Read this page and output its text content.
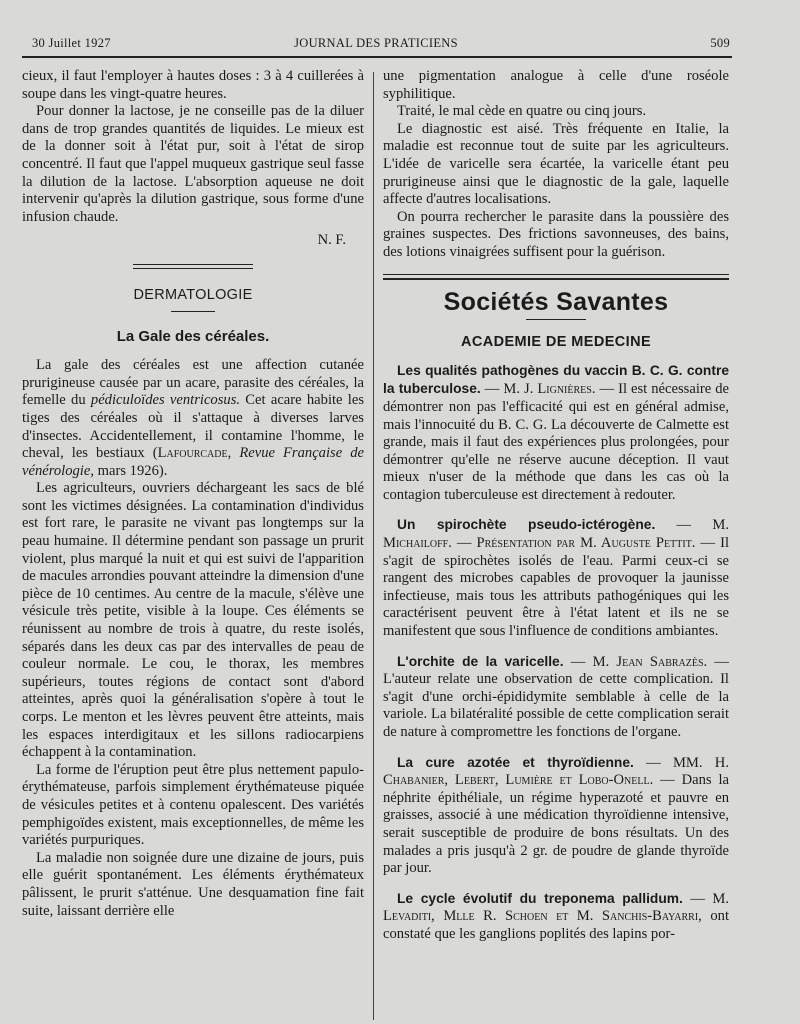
30 Juillet 1927	JOURNAL DES PRATICIENS	509

cieux, il faut l'employer à hautes doses : 3 à 4 cuillerées à soupe dans les vingt-quatre heures.

Pour donner la lactose, je ne conseille pas de la diluer dans de trop grandes quantités de liquides. Le mieux est de la donner soit à l'état pur, soit à l'état de sirop concentré. Il faut que l'appel muqueux gastrique seul fasse la dilution de la lactose. L'absorption aqueuse ne doit intervenir qu'après la dilution gastrique, sous forme d'une infusion chaude.

N. F.
DERMATOLOGIE
La Gale des céréales.

La gale des céréales est une affection cutanée prurigineuse causée par un acare, parasite des céréales, la femelle du pédiculoïdes ventricosus. Cet acare habite les tiges des céréales où il s'attaque à diverses larves d'insectes. Accidentellement, il contamine l'homme, le cheval, les bestiaux (Lafourcade, Revue Française de vénérologie, mars 1926).

Les agriculteurs, ouvriers déchargeant les sacs de blé sont les victimes désignées. La contamination d'individus est fort rare, le parasite ne vivant pas longtemps sur la peau humaine. Il détermine pendant son passage un prurit violent, plus marqué la nuit et qui est suivi de l'apparition de macules arrondies pouvant atteindre la dimension d'une pièce de 10 centimes. Au centre de la macule, s'élève une vésicule très petite, visible à la loupe. Ces éléments se réunissent au nombre de trois à quatre, du reste isolés, séparés dans les deux cas par des intervalles de peau de couleur normale. Le cou, le thorax, les membres supérieurs, toutes régions de contact sont d'abord atteintes, après quoi la généralisation s'opère à tout le corps. Le menton et les lèvres peuvent être atteints, mais les espaces interdigitaux et les sillons radiocarpiens échappent à la contamination.

La forme de l'éruption peut être plus nettement papulo-érythémateuse, parfois simplement érythémateuse piquée de vésicules petites et à contenu opalescent. Des variétés pemphigoïdes existent, mais exceptionnelles, de même les variétés purpuriques.

La maladie non soignée dure une dizaine de jours, puis elle guérit spontanément. Les éléments érythémateux pâlissent, le prurit s'atténue. Une desquamation fine fait suite, laissant derrière elle

une pigmentation analogue à celle d'une roséole syphilitique.

Traité, le mal cède en quatre ou cinq jours.

Le diagnostic est aisé. Très fréquente en Italie, la maladie est reconnue tout de suite par les agriculteurs. L'idée de varicelle sera écartée, la varicelle étant peu prurigineuse ainsi que le diagnostic de la gale, laquelle affecte d'autres localisations.

On pourra rechercher le parasite dans la poussière des graines suspectes. Des frictions savonneuses, des bains, des lotions vinaigrées suffisent pour la guérison.

Sociétés Savantes
ACADEMIE DE MEDECINE

Les qualités pathogènes du vaccin B. C. G. contre la tuberculose. — M. J. Lignières. — Il est nécessaire de démontrer non pas l'efficacité qui est en général admise, mais l'innocuité du B. C. G. La découverte de Calmette est grande, mais il faut des expériences plus prolongées, pour démontrer qu'elle ne réserve aucune déception. Il vaut mieux n'user de la méthode que dans les cas où la contagion tuberculeuse est directement à redouter.

Un spirochète pseudo-ictérogène. — M. Michailoff. — Présentation par M. Auguste Pettit. — Il s'agit de spirochètes isolés de l'eau. Parmi ceux-ci se rangent des microbes capables de provoquer la jaunisse infectieuse, mais tous les attributs pathogéniques qui les caractérisent peuvent être à l'état latent et ils ne se manifestent que sous l'influence de conditions ambiantes.

L'orchite de la varicelle. — M. Jean Sabrazès. — L'auteur relate une observation de cette complication. Il s'agit d'une orchi-épididymite semblable à celle de la variole. La bilatéralité possible de cette complication serait de nature à compromettre les fonctions de l'organe.

La cure azotée et thyroïdienne. — MM. H. Chabanier, Lebert, Lumière et Lobo-Onell. — Dans la néphrite épithéliale, un régime hyperazoté et pauvre en graisses, associé à une médication thyroïdienne intensive, serait susceptible de produire de bons résultats. Un des malades a pris jusqu'à 2 gr. de poudre de glande thyroïde par jour.

Le cycle évolutif du treponema pallidum. — M. Levaditi, Mlle R. Schoen et M. Sanchis-Bayarri, ont constaté que les ganglions poplités des lapins por-
